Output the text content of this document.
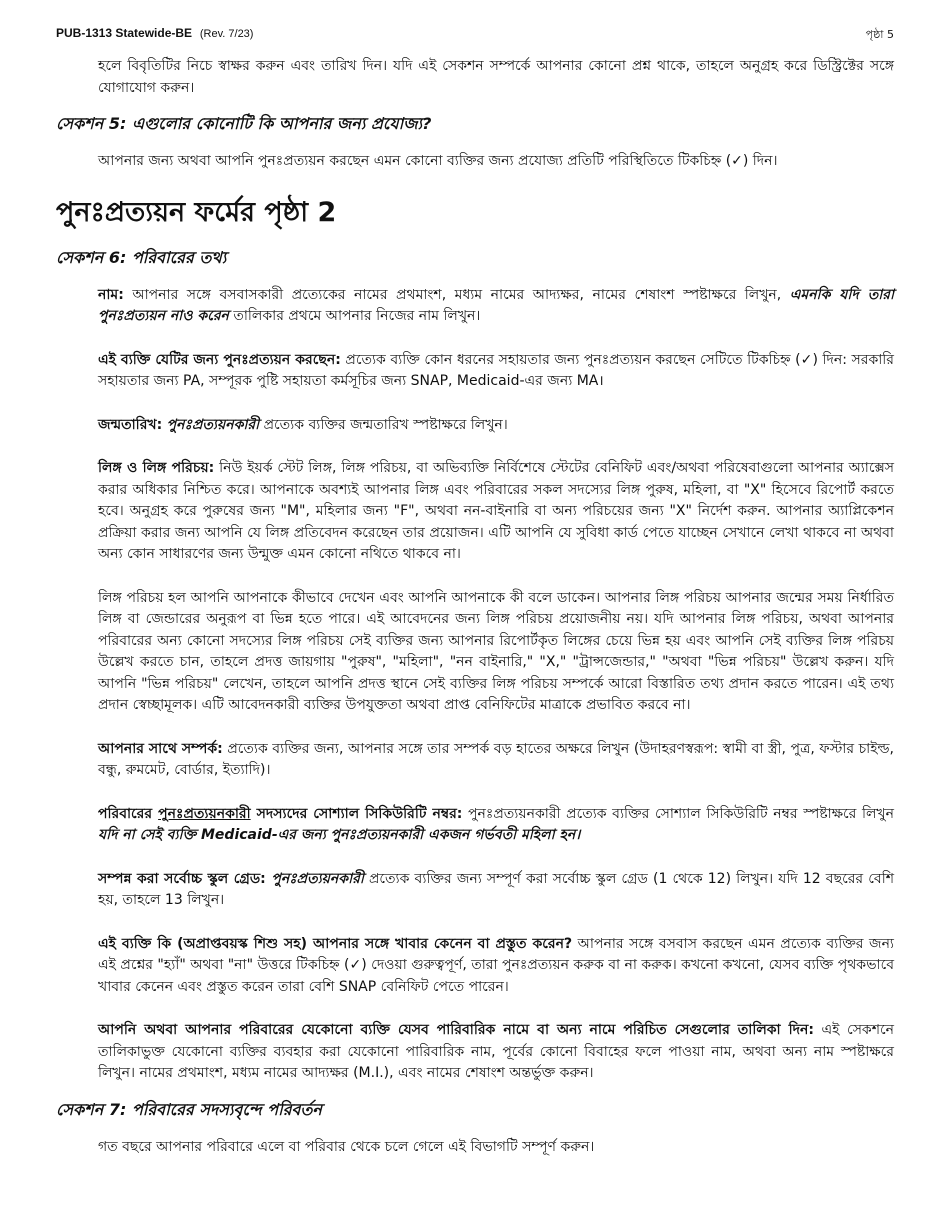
PUB-1313 Statewide-BE (Rev. 7/23)	পৃষ্ঠা 5

হলে বিবৃতিটির নিচে স্বাক্ষর করুন এবং তারিখ দিন। যদি এই সেকশন সম্পর্কে আপনার কোনো প্রশ্ন থাকে, তাহলে অনুগ্রহ করে ডিস্ট্রিক্টের সঙ্গে যোগাযোগ করুন।

সেকশন 5: এগুলোর কোনোটি কি আপনার জন্য প্রযোজ্য?

আপনার জন্য অথবা আপনি পুনঃপ্রত্যয়ন করছেন এমন কোনো ব্যক্তির জন্য প্রযোজ্য প্রতিটি পরিস্থিতিতে টিকচিহ্ন (✓) দিন।

পুনঃপ্রত্যয়ন ফর্মের পৃষ্ঠা 2
সেকশন 6: পরিবারের তথ্য

নাম: আপনার সঙ্গে বসবাসকারী প্রত্যেকের নামের প্রথমাংশ, মধ্যম নামের আদ্যক্ষর, নামের শেষাংশ স্পষ্টাক্ষরে লিখুন, এমনকি যদি তারা পুনঃপ্রত্যয়ন নাও করেন তালিকার প্রথমে আপনার নিজের নাম লিখুন।

এই ব্যক্তি যেটির জন্য পুনঃপ্রত্যয়ন করছেন: প্রত্যেক ব্যক্তি কোন ধরনের সহায়তার জন্য পুনঃপ্রত্যয়ন করছেন সেটিতে টিকচিহ্ন (✓) দিন: সরকারি সহায়তার জন্য PA, সম্পূরক পুষ্টি সহায়তা কর্মসূচির জন্য SNAP, Medicaid-এর জন্য MA।

জন্মতারিখ: পুনঃপ্রত্যয়নকারী প্রত্যেক ব্যক্তির জন্মতারিখ স্পষ্টাক্ষরে লিখুন।

লিঙ্গ ও লিঙ্গ পরিচয়: নিউ ইয়র্ক স্টেট লিঙ্গ, লিঙ্গ পরিচয়, বা অভিব্যক্তি নির্বিশেষে স্টেটের বেনিফিট এবং/অথবা পরিষেবাগুলো আপনার অ্যাক্সেস করার অধিকার নিশ্চিত করে। আপনাকে অবশ্যই আপনার লিঙ্গ এবং পরিবারের সকল সদস্যের লিঙ্গ পুরুষ, মহিলা, বা "X" হিসেবে রিপোর্ট করতে হবে। অনুগ্রহ করে পুরুষের জন্য "M", মহিলার জন্য "F", অথবা নন-বাইনারি বা অন্য পরিচয়ের জন্য "X" নির্দেশ করুন. আপনার অ্যাপ্লিকেশন প্রক্রিয়া করার জন্য আপনি যে লিঙ্গ প্রতিবেদন করেছেন তার প্রয়োজন। এটি আপনি যে সুবিধা কার্ড পেতে যাচ্ছেন সেখানে লেখা থাকবে না অথবা অন্য কোন সাধারণের জন্য উন্মুক্ত এমন কোনো নথিতে থাকবে না।

লিঙ্গ পরিচয় হল আপনি আপনাকে কীভাবে দেখেন এবং আপনি আপনাকে কী বলে ডাকেন। আপনার লিঙ্গ পরিচয় আপনার জন্মের সময় নির্ধারিত লিঙ্গ বা জেন্ডারের অনুরূপ বা ভিন্ন হতে পারে। এই আবেদনের জন্য লিঙ্গ পরিচয় প্রয়োজনীয় নয়। যদি আপনার লিঙ্গ পরিচয়, অথবা আপনার পরিবারের অন্য কোনো সদস্যের লিঙ্গ পরিচয় সেই ব্যক্তির জন্য আপনার রিপোর্টকৃত লিঙ্গের চেয়ে ভিন্ন হয় এবং আপনি সেই ব্যক্তির লিঙ্গ পরিচয় উল্লেখ করতে চান, তাহলে প্রদত্ত জায়গায় "পুরুষ", "মহিলা", "নন বাইনারি," "X," "ট্রান্সজেন্ডার," "অথবা "ভিন্ন পরিচয়" উল্লেখ করুন। যদি আপনি "ভিন্ন পরিচয়" লেখেন, তাহলে আপনি প্রদত্ত স্থানে সেই ব্যক্তির লিঙ্গ পরিচয় সম্পর্কে আরো বিস্তারিত তথ্য প্রদান করতে পারেন। এই তথ্য প্রদান স্বেচ্ছামূলক। এটি আবেদনকারী ব্যক্তির উপযুক্ততা অথবা প্রাপ্ত বেনিফিটের মাত্রাকে প্রভাবিত করবে না।

আপনার সাথে সম্পর্ক: প্রত্যেক ব্যক্তির জন্য, আপনার সঙ্গে তার সম্পর্ক বড় হাতের অক্ষরে লিখুন (উদাহরণস্বরূপ: স্বামী বা স্ত্রী, পুত্র, ফস্টার চাইল্ড, বন্ধু, রুমমেট, বোর্ডার, ইত্যাদি)।

পরিবারের পুনঃপ্রত্যয়নকারী সদস্যদের সোশ্যাল সিকিউরিটি নম্বর: পুনঃপ্রত্যয়নকারী প্রত্যেক ব্যক্তির সোশ্যাল সিকিউরিটি নম্বর স্পষ্টাক্ষরে লিখুন যদি না সেই ব্যক্তি Medicaid-এর জন্য পুনঃপ্রত্যয়নকারী একজন গর্ভবতী মহিলা হন।

সম্পন্ন করা সর্বোচ্চ স্কুল গ্রেড: পুনঃপ্রত্যয়নকারী প্রত্যেক ব্যক্তির জন্য সম্পূর্ণ করা সর্বোচ্চ স্কুল গ্রেড (1 থেকে 12) লিখুন। যদি 12 বছরের বেশি হয়, তাহলে 13 লিখুন।

এই ব্যক্তি কি (অপ্রাপ্তবয়স্ক শিশু সহ) আপনার সঙ্গে খাবার কেনেন বা প্রস্তুত করেন? আপনার সঙ্গে বসবাস করছেন এমন প্রত্যেক ব্যক্তির জন্য এই প্রশ্নের "হ্যাঁ" অথবা "না" উত্তরে টিকচিহ্ন (✓) দেওয়া গুরুত্বপূর্ণ, তারা পুনঃপ্রত্যয়ন করুক বা না করুক। কখনো কখনো, যেসব ব্যক্তি পৃথকভাবে খাবার কেনেন এবং প্রস্তুত করেন তারা বেশি SNAP বেনিফিট পেতে পারেন।

আপনি অথবা আপনার পরিবারের যেকোনো ব্যক্তি যেসব পারিবারিক নামে বা অন্য নামে পরিচিত সেগুলোর তালিকা দিন: এই সেকশনে তালিকাভুক্ত যেকোনো ব্যক্তির ব্যবহার করা যেকোনো পারিবারিক নাম, পূর্বের কোনো বিবাহের ফলে পাওয়া নাম, অথবা অন্য নাম স্পষ্টাক্ষরে লিখুন। নামের প্রথমাংশ, মধ্যম নামের আদ্যক্ষর (M.I.), এবং নামের শেষাংশ অন্তর্ভুক্ত করুন।

সেকশন 7: পরিবারের সদস্যবৃন্দে পরিবর্তন

গত বছরে আপনার পরিবারে এলে বা পরিবার থেকে চলে গেলে এই বিভাগটি সম্পূর্ণ করুন।
